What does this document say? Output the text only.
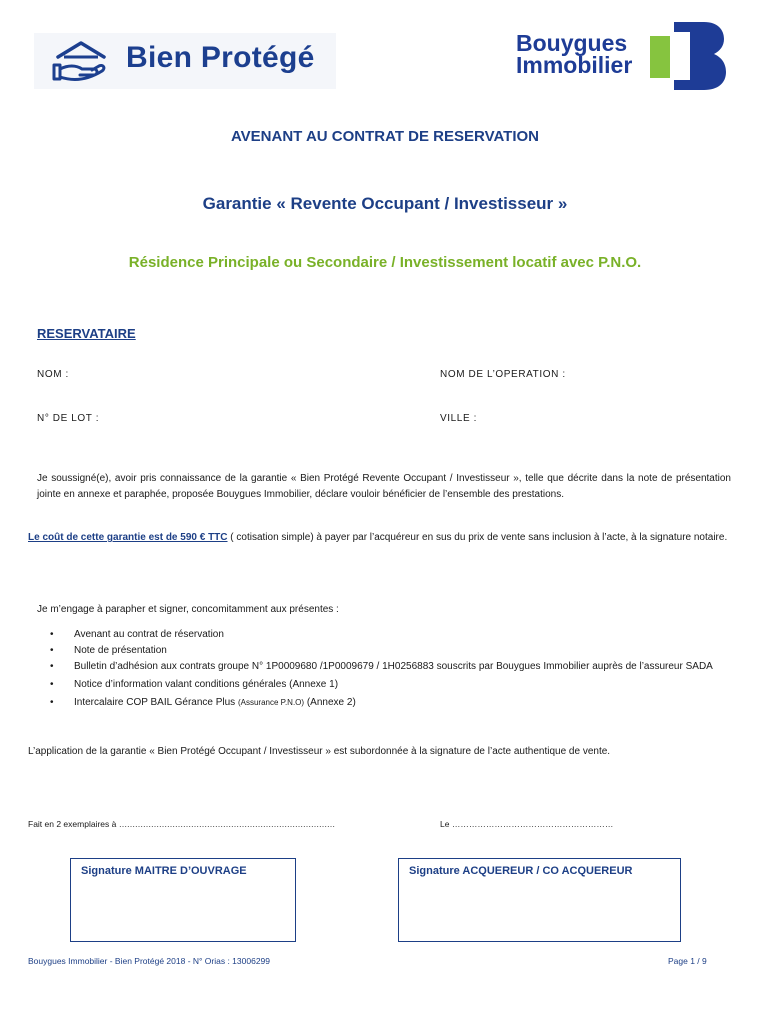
Bien Protégé	Bouygues
Immobilier
AVENANT AU CONTRAT DE RESERVATION
Garantie « Revente Occupant / Investisseur »
Résidence Principale ou Secondaire / Investissement locatif avec P.N.O.
RESERVATAIRE
NOM :	NOM DE L’OPERATION :
N° DE LOT :	VILLE :
Je soussigné(e), avoir pris connaissance de la garantie « Bien Protégé Revente Occupant / Investisseur », telle que décrite dans la note de présentation jointe en annexe et paraphée, proposée Bouygues Immobilier, déclare vouloir bénéficier de l’ensemble des prestations.
Le coût de cette garantie est de 590 € TTC ( cotisation simple) à payer par l’acquéreur en sus du prix de vente sans inclusion à l’acte, à la signature notaire.
Je m’engage à parapher et signer, concomitamment aux présentes :
• Avenant au contrat de réservation
• Note de présentation
• Bulletin d’adhésion aux contrats groupe N° 1P0009680 /1P0009679 / 1H0256883 souscrits par Bouygues Immobilier auprès de l’assureur SADA
• Notice d’information valant conditions générales (Annexe 1)
• Intercalaire COP BAIL Gérance Plus (Assurance P.N.O) (Annexe 2)
L’application de la garantie « Bien Protégé Occupant / Investisseur » est subordonnée à la signature de l’acte authentique de vente.
Fait en 2 exemplaires à ………………………………………………………………………	Le …………………………………………………
Signature MAITRE D’OUVRAGE	Signature ACQUEREUR / CO ACQUEREUR
Bouygues Immobilier - Bien Protégé 2018 - N° Orias : 13006299	Page 1 / 9
